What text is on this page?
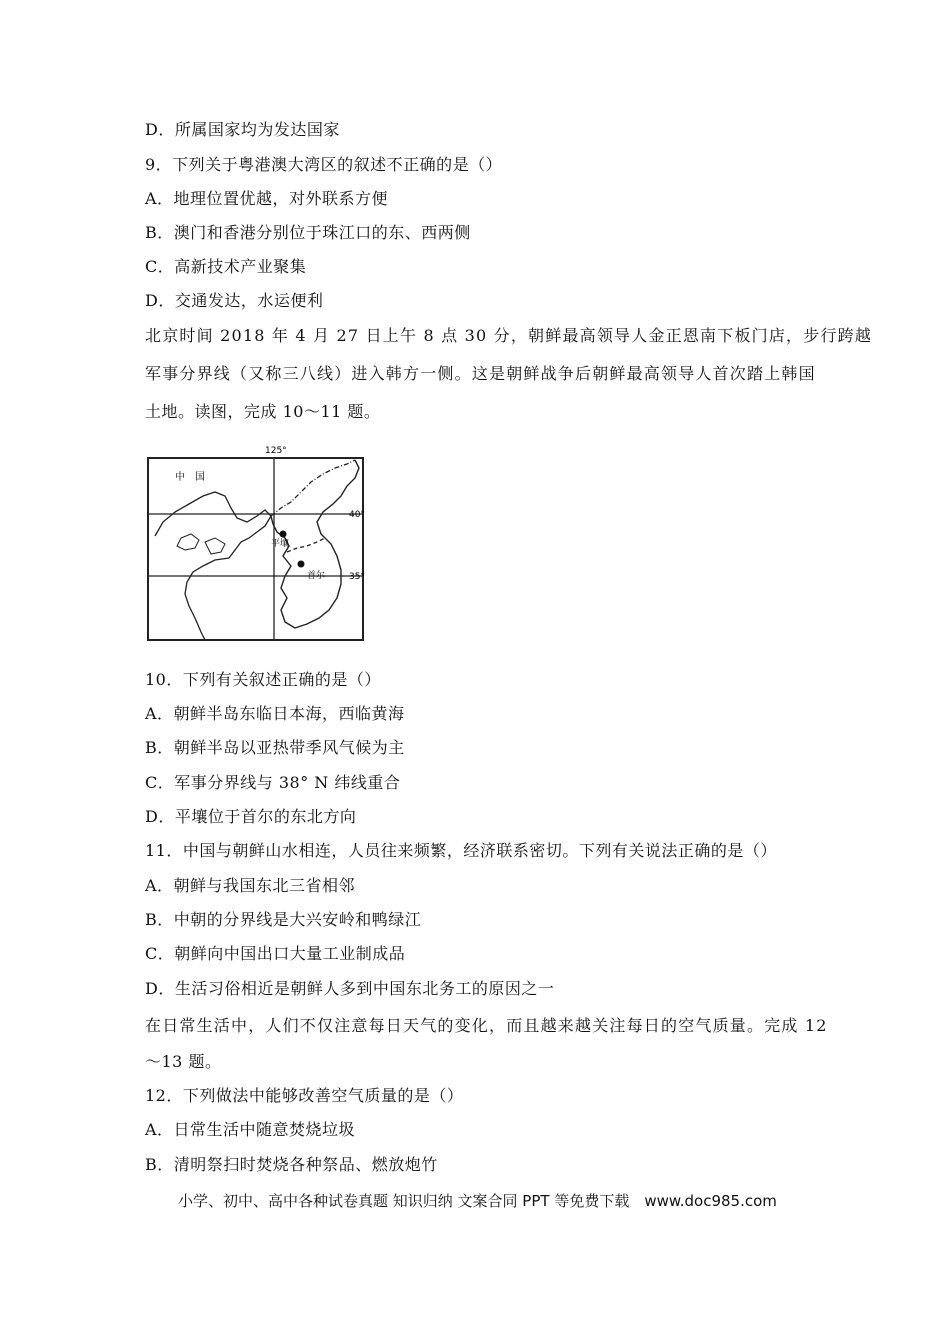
D．所属国家均为发达国家
9．下列关于粤港澳大湾区的叙述不正确的是（）
A．地理位置优越，对外联系方便
B．澳门和香港分别位于珠江口的东、西两侧
C．高新技术产业聚集
D．交通发达，水运便利
北京时间 2018 年 4 月 27 日上午 8 点 30 分，朝鲜最高领导人金正恩南下板门店，步行跨越
军事分界线（又称三八线）进入韩方一侧。这是朝鲜战争后朝鲜最高领导人首次踏上韩国
土地。读图，完成 10～11 题。
125°
40°
35°
中　国
平壤
首尔
10．下列有关叙述正确的是（）
A．朝鲜半岛东临日本海，西临黄海
B．朝鲜半岛以亚热带季风气候为主
C．军事分界线与 38° N 纬线重合
D．平壤位于首尔的东北方向
11．中国与朝鲜山水相连，人员往来频繁，经济联系密切。下列有关说法正确的是（）
A．朝鲜与我国东北三省相邻
B．中朝的分界线是大兴安岭和鸭绿江
C．朝鲜向中国出口大量工业制成品
D．生活习俗相近是朝鲜人多到中国东北务工的原因之一
在日常生活中，人们不仅注意每日天气的变化，而且越来越关注每日的空气质量。完成 12
～13 题。
12．下列做法中能够改善空气质量的是（）
A．日常生活中随意焚烧垃圾
B．清明祭扫时焚烧各种祭品、燃放炮竹
小学、初中、高中各种试卷真题 知识归纳 文案合同 PPT 等免费下载　www.doc985.com
